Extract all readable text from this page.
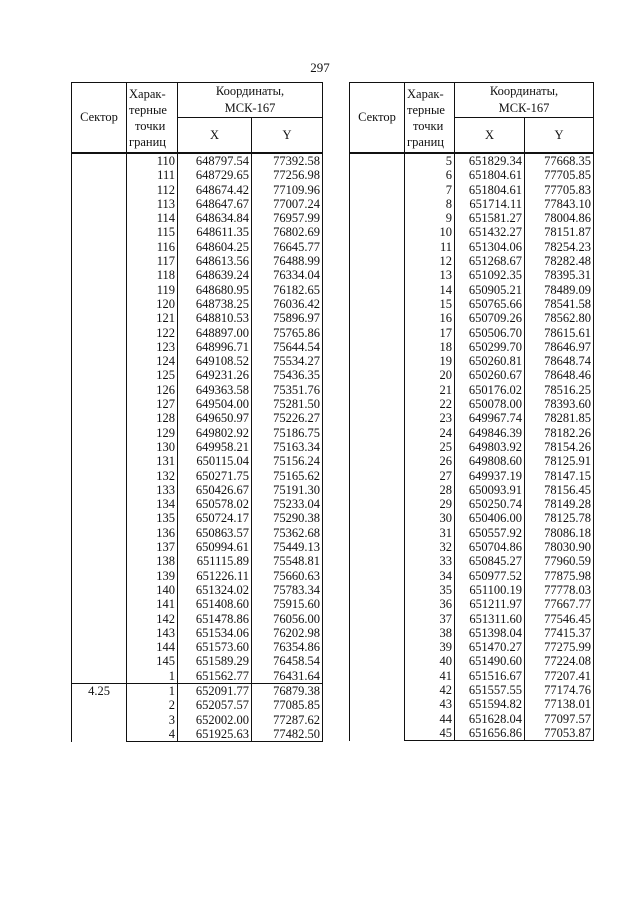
297
Сектор	Харак-
терные
точки
границ	Координаты,
МСК-167	
		X	Y
	110	648797.54	77392.58
	111	648729.65	77256.98
	112	648674.42	77109.96
	113	648647.67	77007.24
	114	648634.84	76957.99
	115	648611.35	76802.69
	116	648604.25	76645.77
	117	648613.56	76488.99
	118	648639.24	76334.04
	119	648680.95	76182.65
	120	648738.25	76036.42
	121	648810.53	75896.97
	122	648897.00	75765.86
	123	648996.71	75644.54
	124	649108.52	75534.27
	125	649231.26	75436.35
	126	649363.58	75351.76
	127	649504.00	75281.50
	128	649650.97	75226.27
	129	649802.92	75186.75
	130	649958.21	75163.34
	131	650115.04	75156.24
	132	650271.75	75165.62
	133	650426.67	75191.30
	134	650578.02	75233.04
	135	650724.17	75290.38
	136	650863.57	75362.68
	137	650994.61	75449.13
	138	651115.89	75548.81
	139	651226.11	75660.63
	140	651324.02	75783.34
	141	651408.60	75915.60
	142	651478.86	76056.00
	143	651534.06	76202.98
	144	651573.60	76354.86
	145	651589.29	76458.54
	1	651562.77	76431.64
4.25	1	652091.77	76879.38
	2	652057.57	77085.85
	3	652002.00	77287.62
	4	651925.63	77482.50
Сектор	Харак-
терные
точки
границ	Координаты,
МСК-167	
		X	Y
	5	651829.34	77668.35
	6	651804.61	77705.85
	7	651804.61	77705.83
	8	651714.11	77843.10
	9	651581.27	78004.86
	10	651432.27	78151.87
	11	651304.06	78254.23
	12	651268.67	78282.48
	13	651092.35	78395.31
	14	650905.21	78489.09
	15	650765.66	78541.58
	16	650709.26	78562.80
	17	650506.70	78615.61
	18	650299.70	78646.97
	19	650260.81	78648.74
	20	650260.67	78648.46
	21	650176.02	78516.25
	22	650078.00	78393.60
	23	649967.74	78281.85
	24	649846.39	78182.26
	25	649803.92	78154.26
	26	649808.60	78125.91
	27	649937.19	78147.15
	28	650093.91	78156.45
	29	650250.74	78149.28
	30	650406.00	78125.78
	31	650557.92	78086.18
	32	650704.86	78030.90
	33	650845.27	77960.59
	34	650977.52	77875.98
	35	651100.19	77778.03
	36	651211.97	77667.77
	37	651311.60	77546.45
	38	651398.04	77415.37
	39	651470.27	77275.99
	40	651490.60	77224.08
	41	651516.67	77207.41
	42	651557.55	77174.76
	43	651594.82	77138.01
	44	651628.04	77097.57
	45	651656.86	77053.87
